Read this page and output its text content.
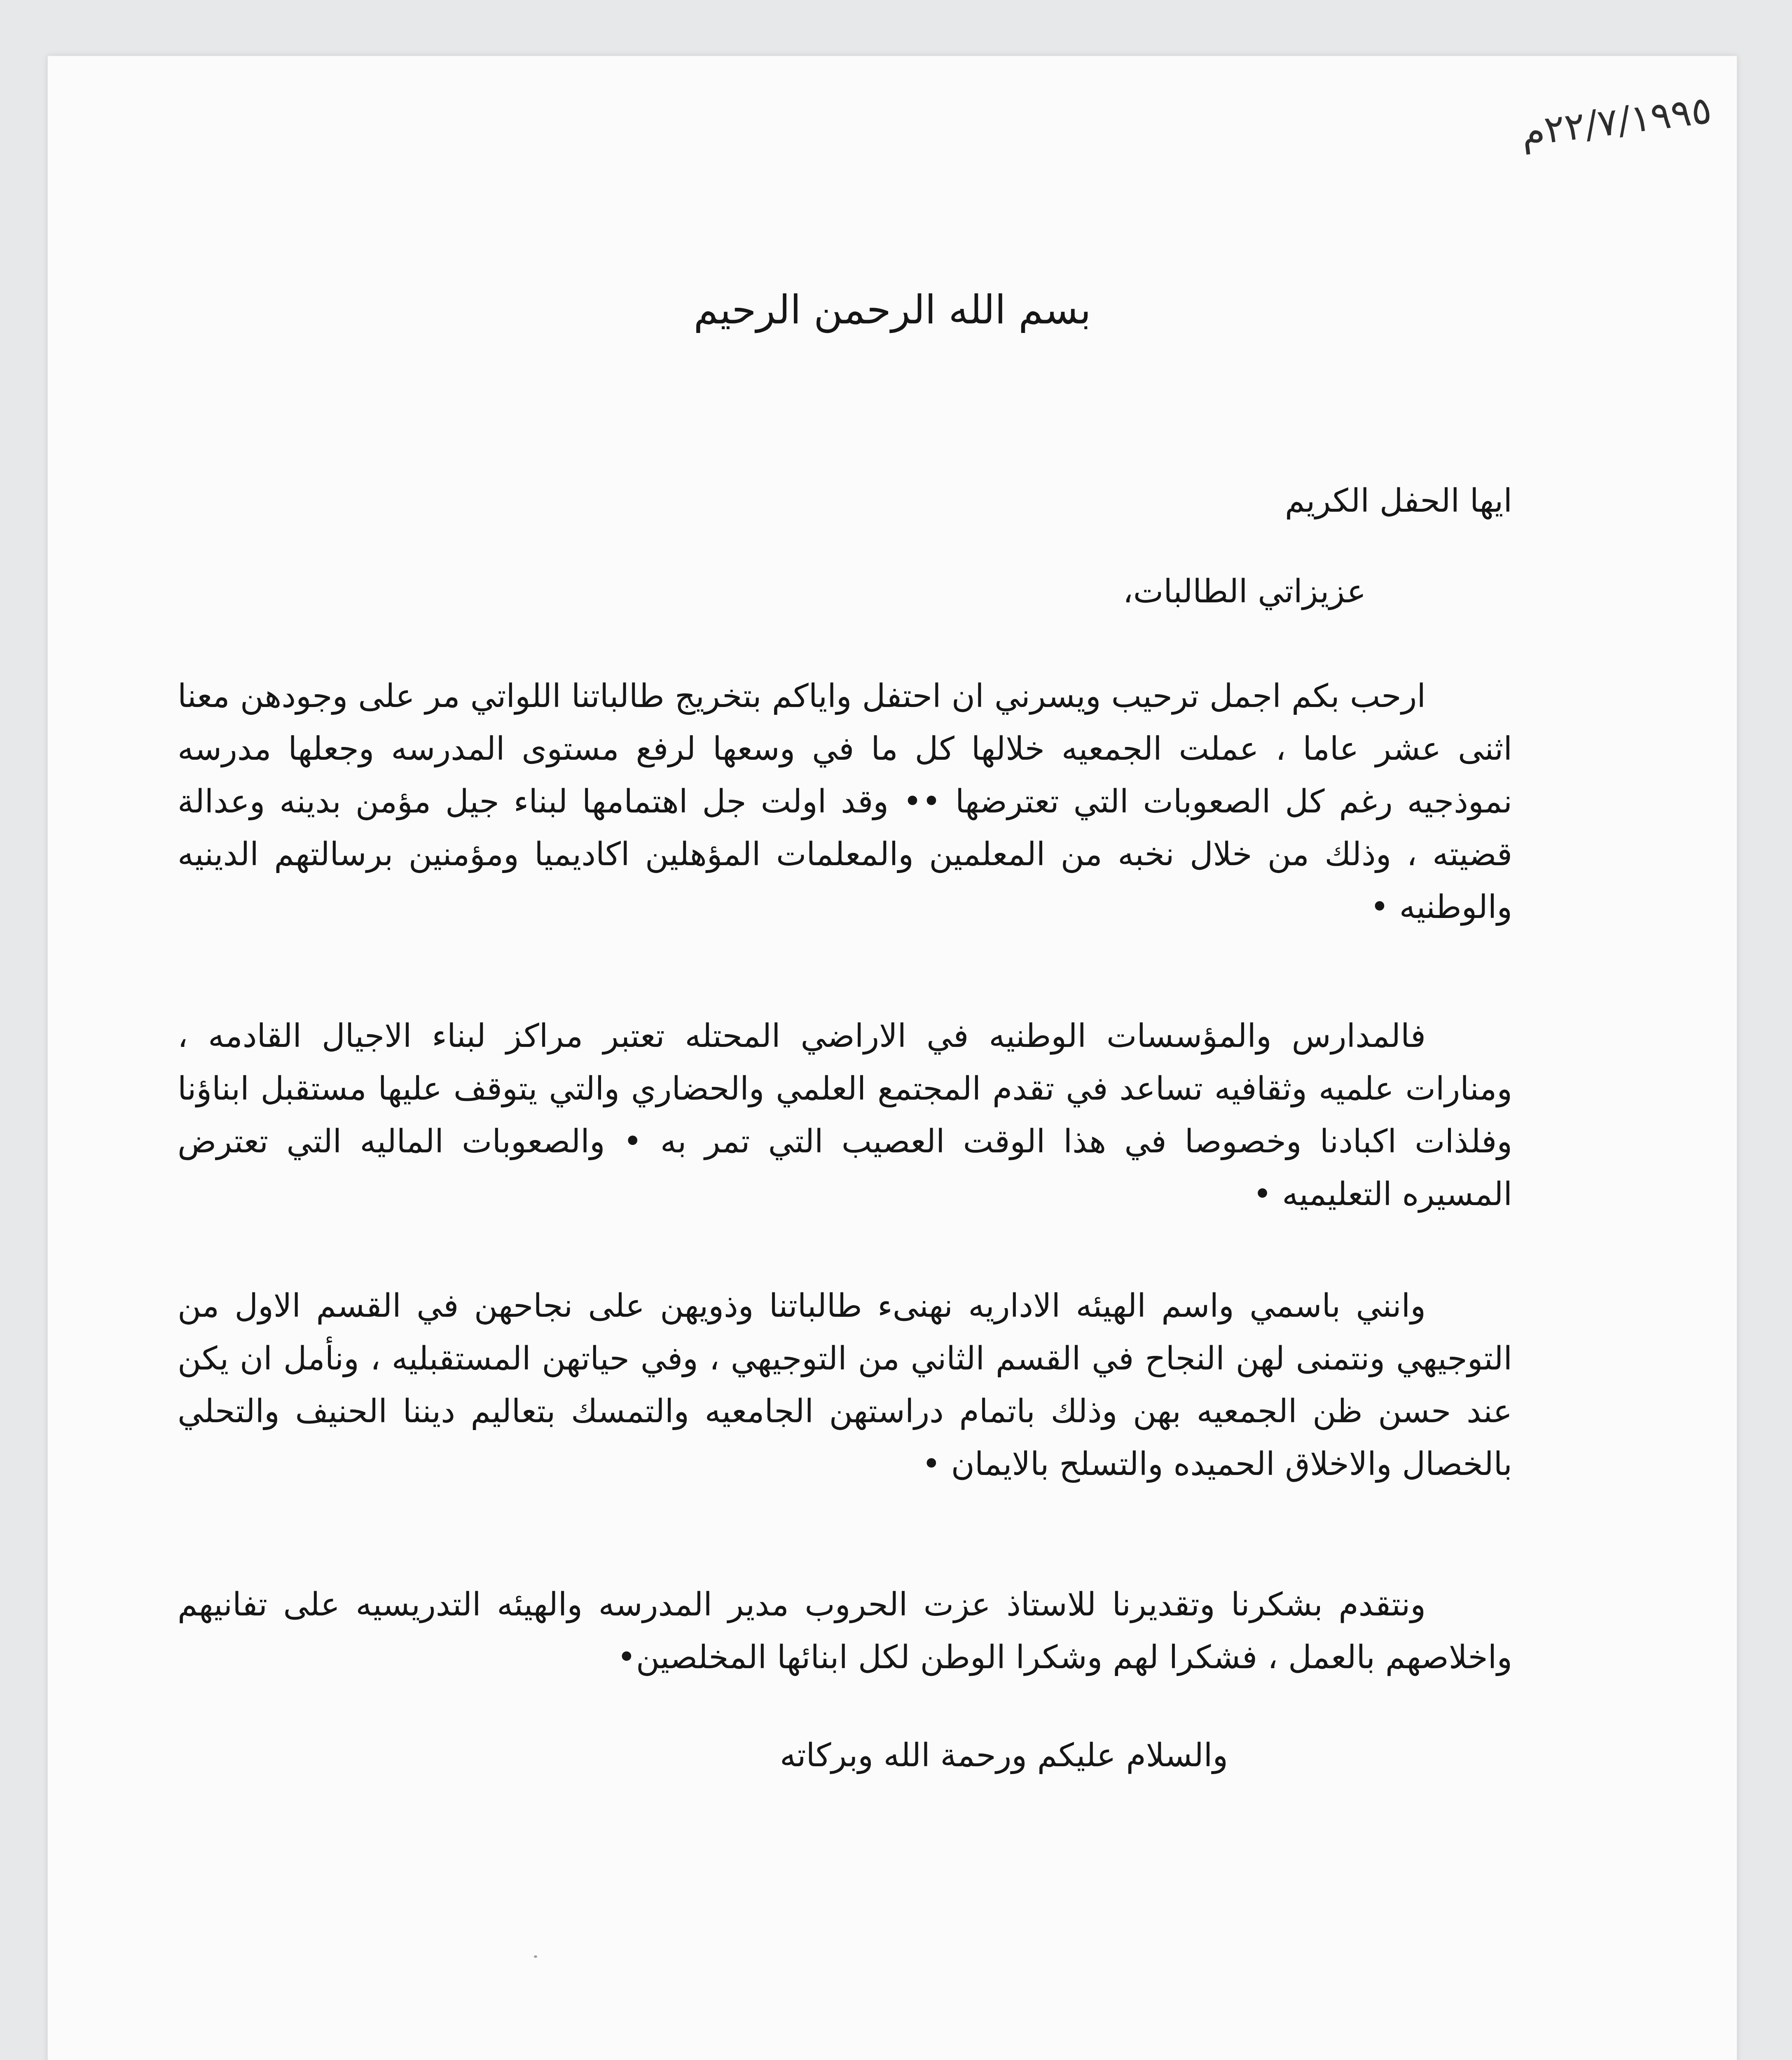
٢٢/٧/١٩٩٥م
بسم الله الرحمن الرحيم
ايها الحفل الكريم
عزيزاتي الطالبات،

ارحب بكم اجمل ترحيب ويسرني ان احتفل واياكم بتخريج طالباتنا اللواتي مر على وجودهن معنا اثنى عشر عاما ، عملت الجمعيه خلالها كل ما في وسعها لرفع مستوى المدرسه وجعلها مدرسه نموذجيه رغم كل الصعوبات التي تعترضها •• وقد اولت جل اهتمامها لبناء جيل مؤمن بدينه وعدالة قضيته ، وذلك من خلال نخبه من المعلمين والمعلمات المؤهلين اكاديميا ومؤمنين برسالتهم الدينيه والوطنيه •

فالمدارس والمؤسسات الوطنيه في الاراضي المحتله تعتبر مراكز لبناء الاجيال القادمه ، ومنارات علميه وثقافيه تساعد في تقدم المجتمع العلمي والحضاري والتي يتوقف عليها مستقبل ابناؤنا وفلذات اكبادنا وخصوصا في هذا الوقت العصيب التي تمر به • والصعوبات الماليه التي تعترض المسيره التعليميه •

وانني باسمي واسم الهيئه الاداريه نهنىء طالباتنا وذويهن على نجاحهن في القسم الاول من التوجيهي ونتمنى لهن النجاح في القسم الثاني من التوجيهي ، وفي حياتهن المستقبليه ، ونأمل ان يكن عند حسن ظن الجمعيه بهن وذلك باتمام دراستهن الجامعيه والتمسك بتعاليم ديننا الحنيف والتحلي بالخصال والاخلاق الحميده والتسلح بالايمان •

ونتقدم بشكرنا وتقديرنا للاستاذ عزت الحروب مدير المدرسه والهيئه التدريسيه على تفانيهم واخلاصهم بالعمل ، فشكرا لهم وشكرا الوطن لكل ابنائها المخلصين•

والسلام عليكم ورحمة الله وبركاته
